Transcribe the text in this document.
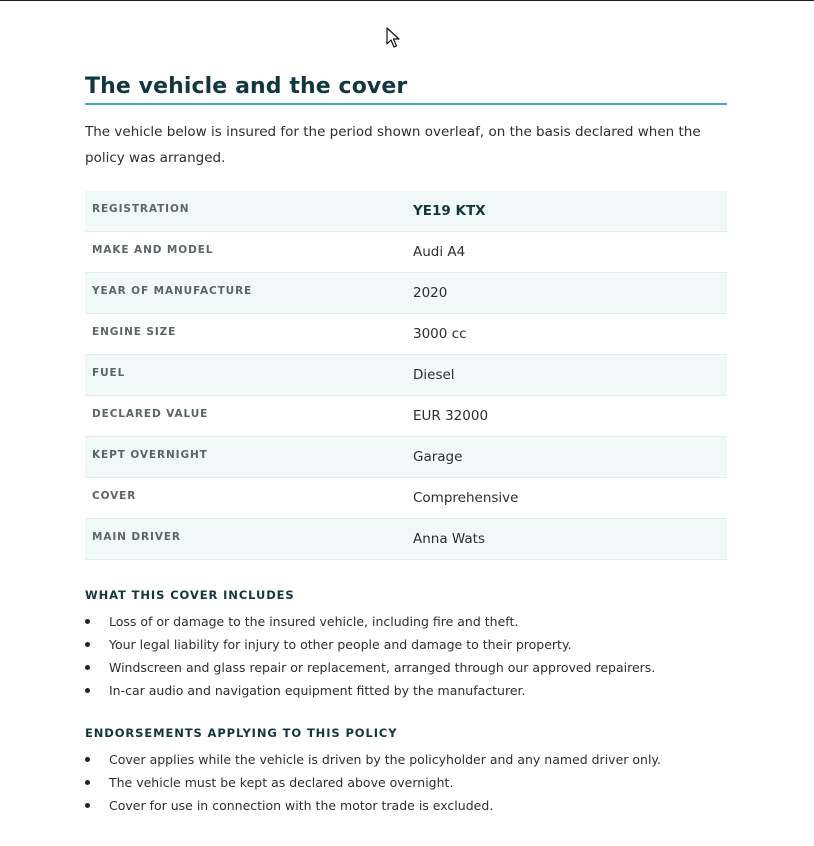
The vehicle and the cover

The vehicle below is insured for the period shown overleaf, on the basis declared when the policy was arranged.

REGISTRATION	YE19 KTX
MAKE AND MODEL	Audi A4
YEAR OF MANUFACTURE	2020
ENGINE SIZE	3000 cc
FUEL	Diesel
DECLARED VALUE	EUR 32000
KEPT OVERNIGHT	Garage
COVER	Comprehensive
MAIN DRIVER	Anna Wats
WHAT THIS COVER INCLUDES
Loss of or damage to the insured vehicle, including fire and theft.
Your legal liability for injury to other people and damage to their property.
Windscreen and glass repair or replacement, arranged through our approved repairers.
In-car audio and navigation equipment fitted by the manufacturer.
ENDORSEMENTS APPLYING TO THIS POLICY
Cover applies while the vehicle is driven by the policyholder and any named driver only.
The vehicle must be kept as declared above overnight.
Cover for use in connection with the motor trade is excluded.
